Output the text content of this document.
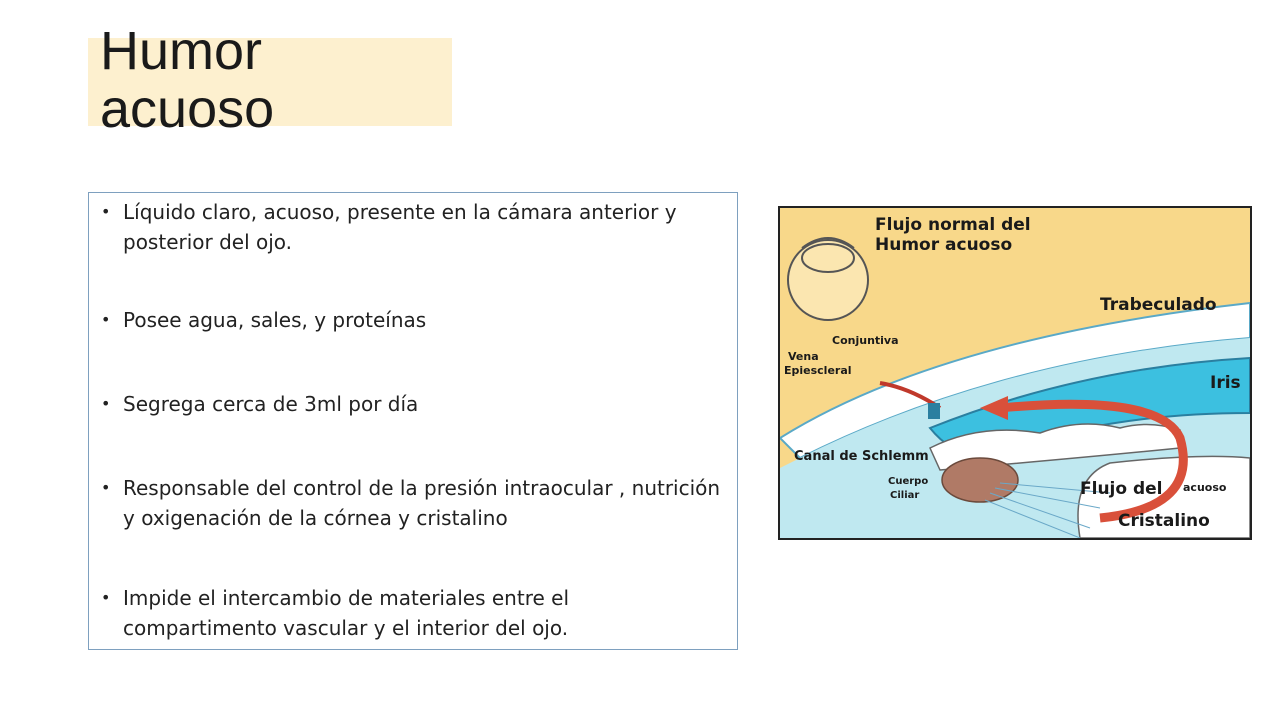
Humor
acuoso
• Líquido claro, acuoso, presente en la cámara anterior y posterior del ojo.
• Posee agua, sales, y proteínas
• Segrega cerca de 3ml por día
• Responsable del control de la presión intraocular , nutrición y oxigenación de la córnea y cristalino
• Impide el intercambio de materiales entre el compartimento vascular y el interior del ojo.
Flujo normal del
Humor acuoso
Trabeculado
Conjuntiva
Vena
Epiescleral
Iris
Canal de Schlemm
Cuerpo
Ciliar	Flujo del acuoso
Cristalino
